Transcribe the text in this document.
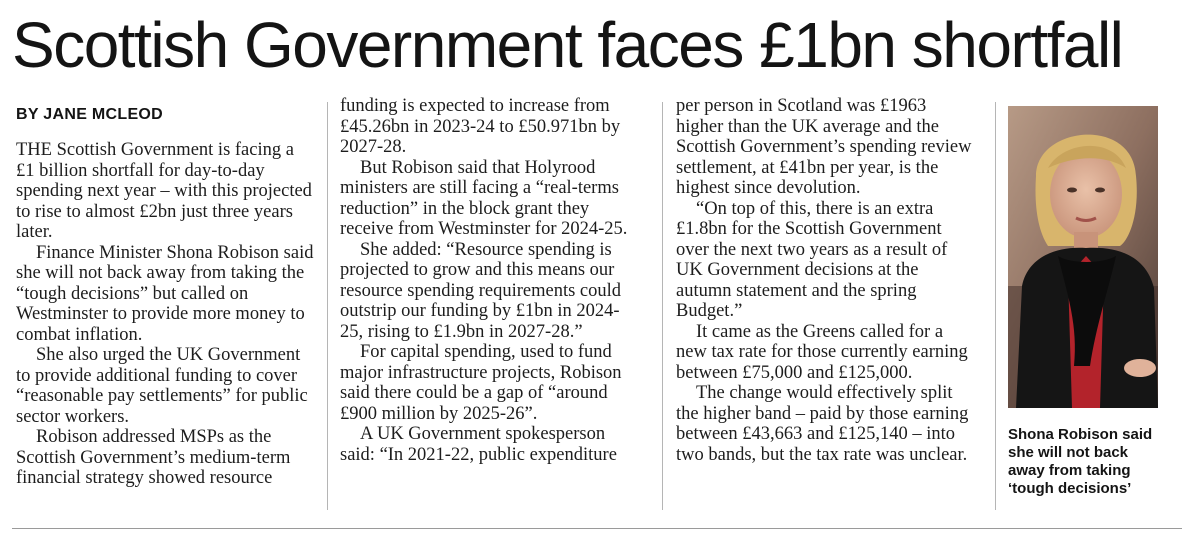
Scottish Government faces £1bn shortfall
BY JANE MCLEOD

THE Scottish Government is facing a £1 billion shortfall for day-to-day spending next year – with this projected to rise to almost £2bn just three years later.

Finance Minister Shona Robison said she will not back away from taking the “tough decisions” but called on Westminster to provide more money to combat inflation.

She also urged the UK Government to provide additional funding to cover “reasonable pay settlements” for public sector workers.

Robison addressed MSPs as the Scottish Government’s medium-term financial strategy showed resource

funding is expected to increase from £45.26bn in 2023-24 to £50.971bn by 2027-28.

But Robison said that Holyrood ministers are still facing a “real-terms reduction” in the block grant they receive from Westminster for 2024-25.

She added: “Resource spending is projected to grow and this means our resource spending requirements could outstrip our funding by £1bn in 2024-25, rising to £1.9bn in 2027-28.”

For capital spending, used to fund major infrastructure projects, Robison said there could be a gap of “around £900 million by 2025-26”.

A UK Government spokesperson said: “In 2021-22, public expenditure

per person in Scotland was £1963 higher than the UK average and the Scottish Government’s spending review settlement, at £41bn per year, is the highest since devolution.

“On top of this, there is an extra £1.8bn for the Scottish Government over the next two years as a result of UK Government decisions at the autumn statement and the spring Budget.”

It came as the Greens called for a new tax rate for those currently earning between £75,000 and £125,000.

The change would effectively split the higher band – paid by those earning between £43,663 and £125,140 – into two bands, but the tax rate was unclear.

Shona Robison said she will not back away from taking ‘tough decisions’
